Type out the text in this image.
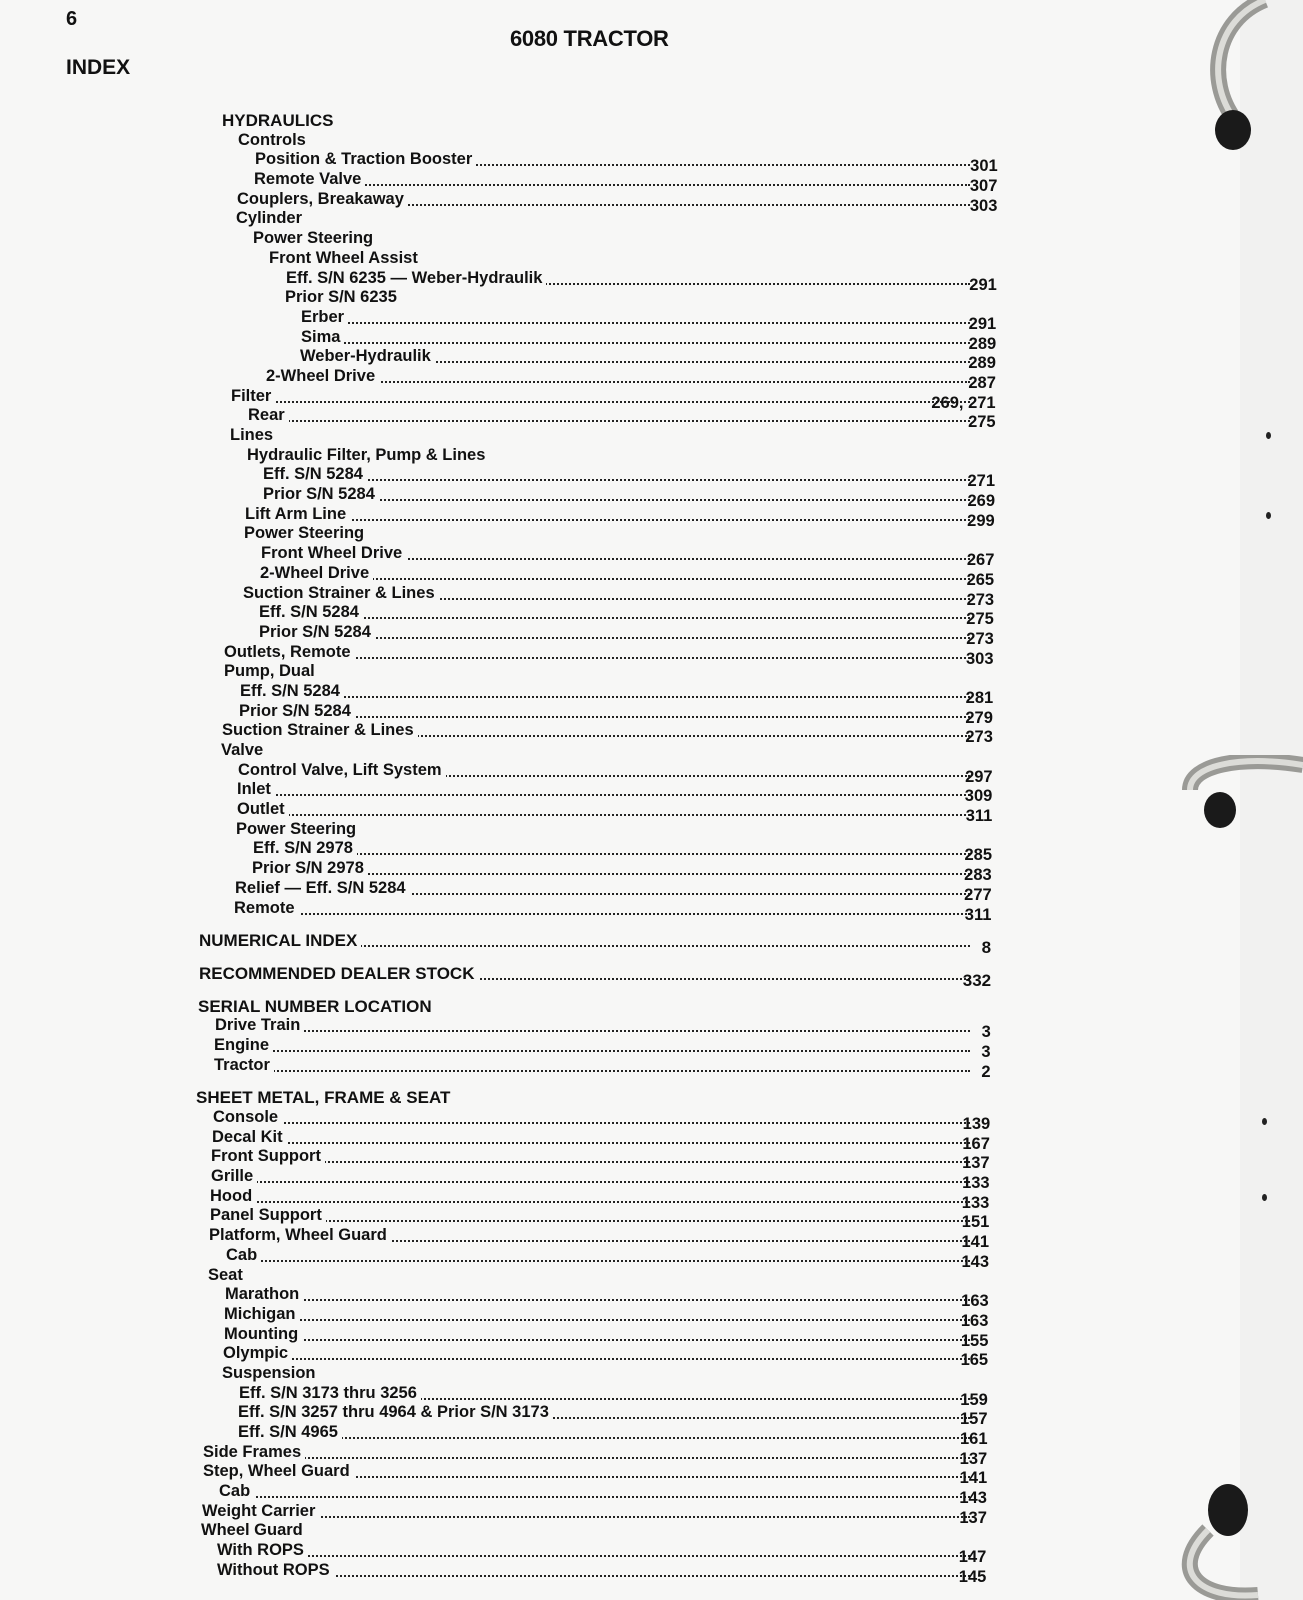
6
6080 TRACTOR
INDEX
HYDRAULICS
Controls
Position & Traction Booster	301
Remote Valve	307
Couplers, Breakaway	303
Cylinder
Power Steering
Front Wheel Assist
Eff. S/N 6235 — Weber-Hydraulik	291
Prior S/N 6235
Erber	291
Sima	289
Weber-Hydraulik	289
2-Wheel Drive	287
Filter	269, 271
Rear	275
Lines
Hydraulic Filter, Pump & Lines
Eff. S/N 5284	271
Prior S/N 5284	269
Lift Arm Line	299
Power Steering
Front Wheel Drive	267
2-Wheel Drive	265
Suction Strainer & Lines	273
Eff. S/N 5284	275
Prior S/N 5284	273
Outlets, Remote	303
Pump, Dual
Eff. S/N 5284	281
Prior S/N 5284	279
Suction Strainer & Lines	273
Valve
Control Valve, Lift System	297
Inlet	309
Outlet	311
Power Steering
Eff. S/N 2978	285
Prior S/N 2978	283
Relief — Eff. S/N 5284	277
Remote	311
NUMERICAL INDEX	8
RECOMMENDED DEALER STOCK	332
SERIAL NUMBER LOCATION
Drive Train	3
Engine	3
Tractor	2
SHEET METAL, FRAME & SEAT
Console	139
Decal Kit	167
Front Support	137
Grille	133
Hood	133
Panel Support	151
Platform, Wheel Guard	141
Cab	143
Seat
Marathon	163
Michigan	163
Mounting	155
Olympic	165
Suspension
Eff. S/N 3173 thru 3256	159
Eff. S/N 3257 thru 4964 & Prior S/N 3173	157
Eff. S/N 4965	161
Side Frames	137
Step, Wheel Guard	141
Cab	143
Weight Carrier	137
Wheel Guard
With ROPS	147
Without ROPS	145
